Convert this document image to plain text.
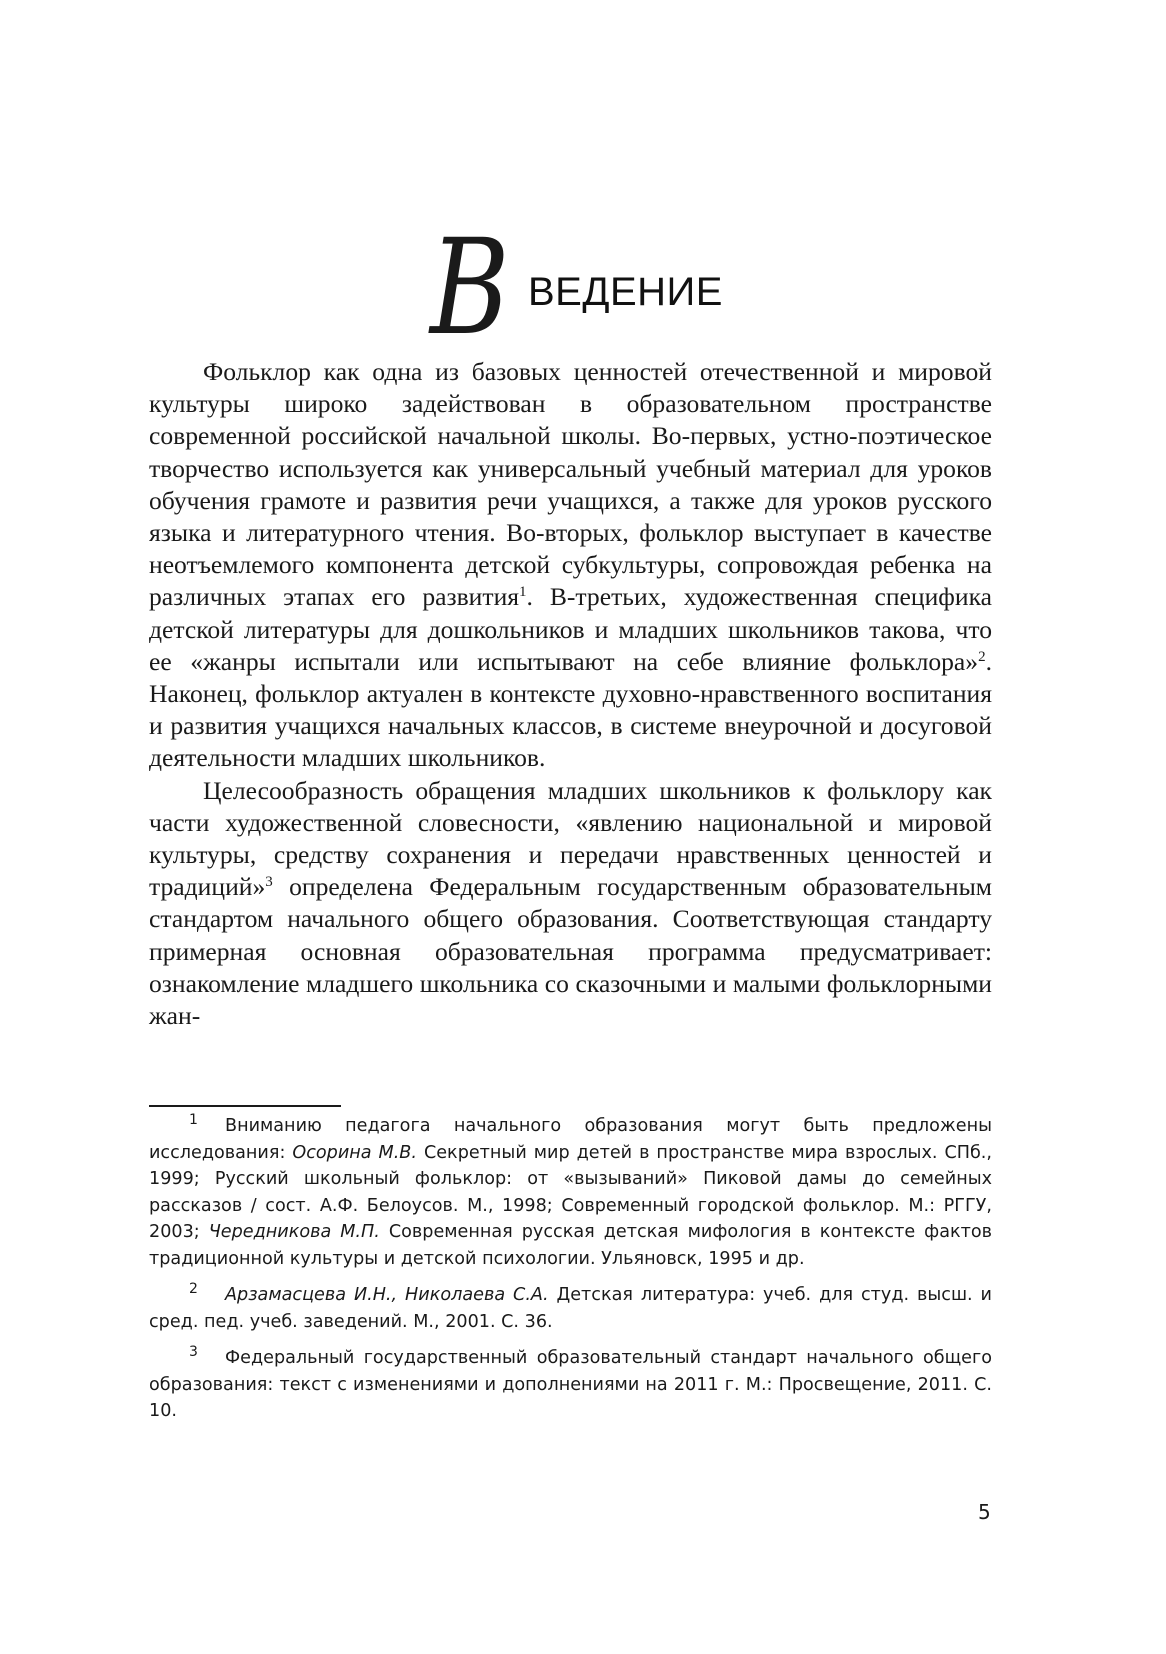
В ВЕДЕНИЕ

Фольклор как одна из базовых ценностей отечественной и мировой культуры широко задействован в образовательном пространстве современной российской начальной школы. Во-первых, устно-поэтическое творчество используется как универсальный учебный материал для уроков обучения грамоте и развития речи учащихся, а также для уроков русского языка и литературного чтения. Во-вторых, фольклор выступает в качестве неотъемлемого компонента детской субкультуры, сопровождая ребенка на различных этапах его развития$^1$. В-третьих, художественная специфика детской литературы для дошкольников и младших школьников такова, что ее «жанры испытали или испытывают на себе влияние фольклора»$^2$. Наконец, фольклор актуален в контексте духовно-нравственного воспитания и развития учащихся начальных классов, в системе внеурочной и досуговой деятельности младших школьников.

Целесообразность обращения младших школьников к фольклору как части художественной словесности, «явлению национальной и мировой культуры, средству сохранения и передачи нравственных ценностей и традиций»$^3$ определена Федеральным государственным образовательным стандартом начального общего образования. Соответствующая стандарту примерная основная образовательная программа предусматривает: ознакомление младшего школьника со сказочными и малыми фольклорными жан-

1 Вниманию педагога начального образования могут быть предложены исследования: Осорина М.В. Секретный мир детей в пространстве мира взрослых. СПб., 1999; Русский школьный фольклор: от «вызываний» Пиковой дамы до семейных рассказов / сост. А.Ф. Белоусов. М., 1998; Современный городской фольклор. М.: РГГУ, 2003; Чередникова М.П. Современная русская детская мифология в контексте фактов традиционной культуры и детской психологии. Ульяновск, 1995 и др.

2 Арзамасцева И.Н., Николаева С.А. Детская литература: учеб. для студ. высш. и сред. пед. учеб. заведений. М., 2001. С. 36.

3 Федеральный государственный образовательный стандарт начального общего образования: текст с изменениями и дополнениями на 2011 г. М.: Просвещение, 2011. С. 10.

5
